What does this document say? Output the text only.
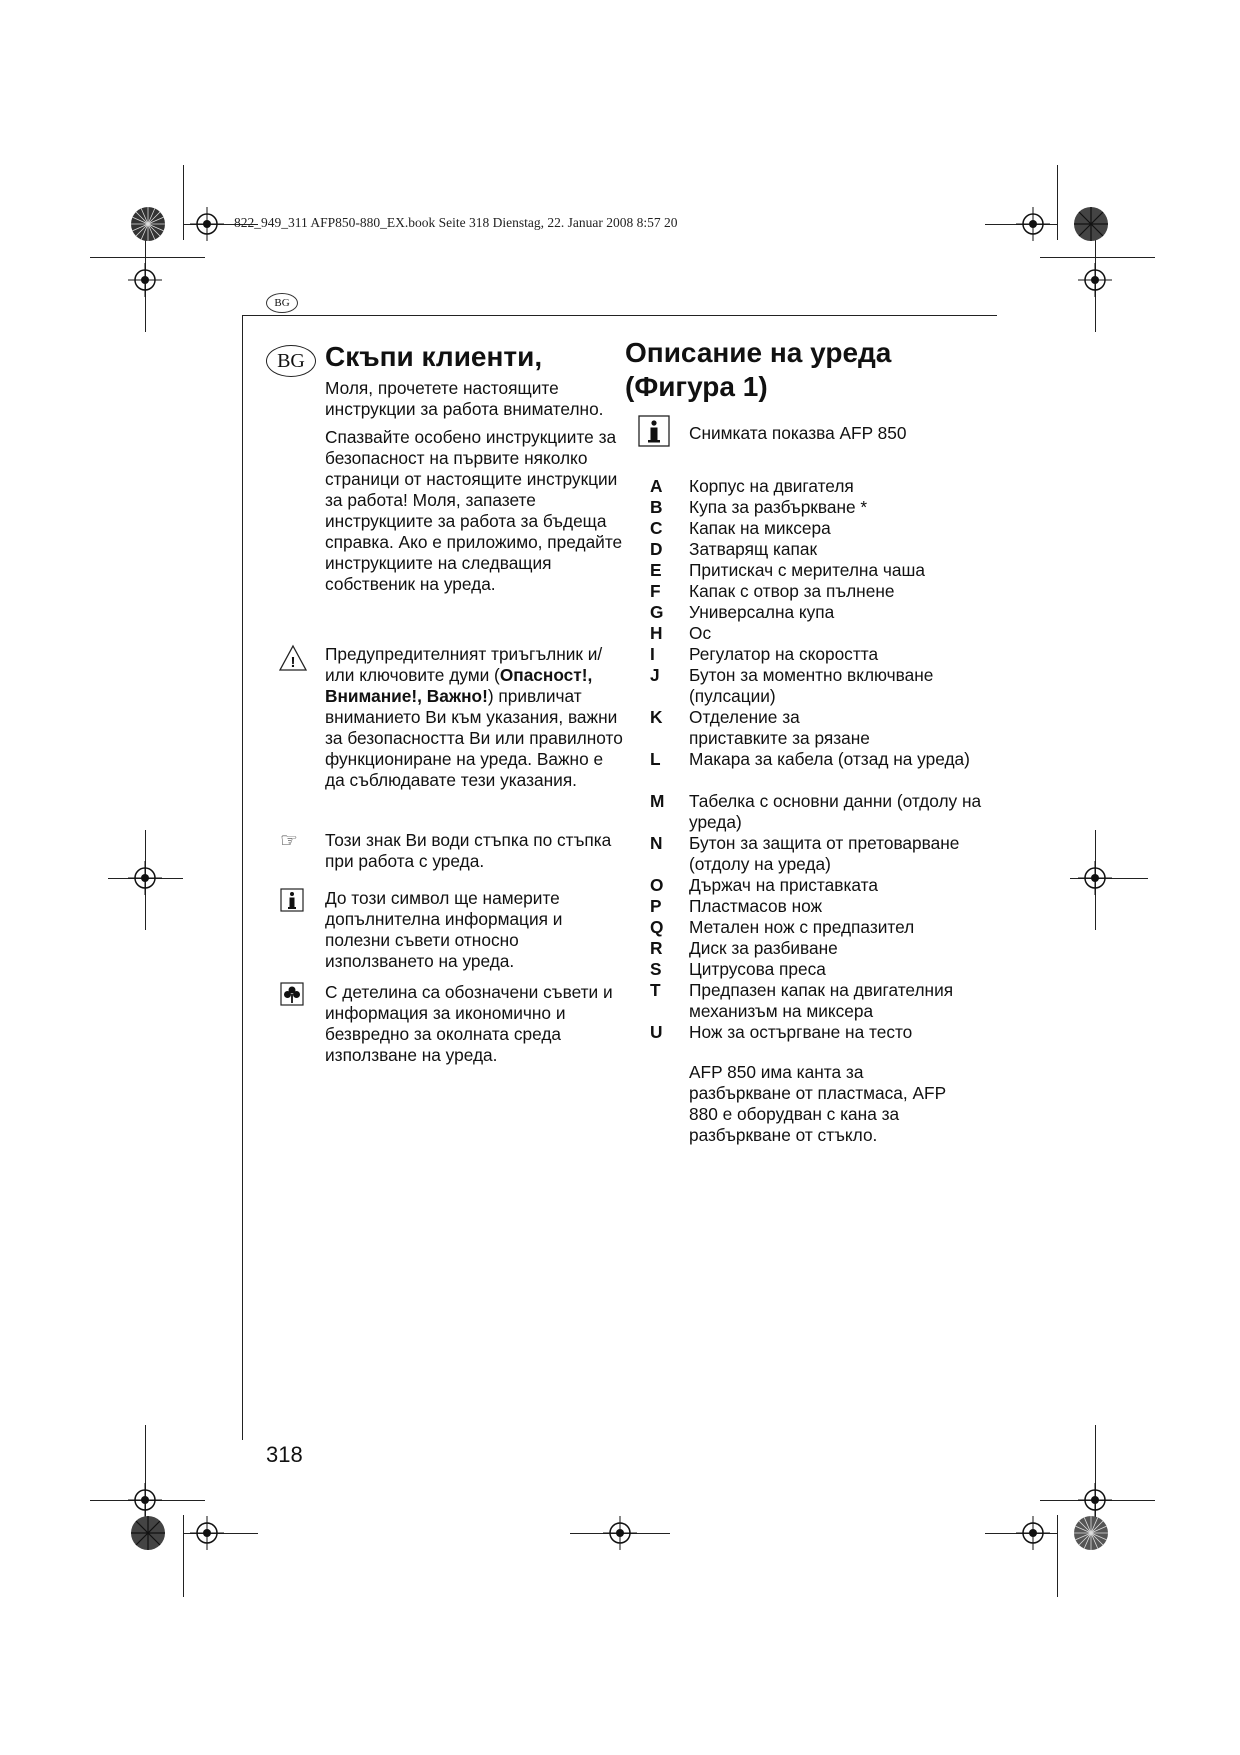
822_949_311 AFP850-880_EX.book Seite 318 Dienstag, 22. Januar 2008 8:57 20
BG
BG Скъпи клиенти,

Моля, прочетете настоящите инструкции за работа внимателно.

Спазвайте особено инструкциите за безопасност на първите няколко страници от настоящите инструкции за работа! Моля, запазете инструкциите за работа за бъдеща справка. Ако е приложимо, предайте инструкциите на следващия собственик на уреда.

! Предупредителният триъгълник и/или ключовите думи (Опасност!, Внимание!, Важно!) привличат вниманието Ви към указания, важни за безопасността Ви или правилното функциониране на уреда. Важно е да съблюдавате тези указания.
☞ Този знак Ви води стъпка по стъпка при работа с уреда.
До този символ ще намерите допълнителна информация и полезни съвети относно използването на уреда.
С детелина са обозначени съвети и информация за икономично и безвредно за околната среда използване на уреда.
Описание на уреда
(Фигура 1)
Снимката показва AFP 850
A	Корпус на двигателя
B	Купа за разбъркване *
C	Капак на миксера
D	Затварящ капак
E	Притискач с мерителна чаша
F	Капак с отвор за пълнене
G	Универсална купа
H	Ос
I	Регулатор на скоростта
J	Бутон за моментно включване (пулсации)
K	Отделение за приставките за рязане
L	Макара за кабела (отзад на уреда)
M	Табелка с основни данни (отдолу на уреда)
N	Бутон за защита от претоварване (отдолу на уреда)
O	Държач на приставката
P	Пластмасов нож
Q	Метален нож с предпазител
R	Диск за разбиване
S	Цитрусова преса
T	Предпазен капак на двигателния механизъм на миксера
U	Нож за остъргване на тесто
AFP 850 има канта за разбъркване от пластмаса, AFP 880 е оборудван с кана за разбъркване от стъкло.
318
